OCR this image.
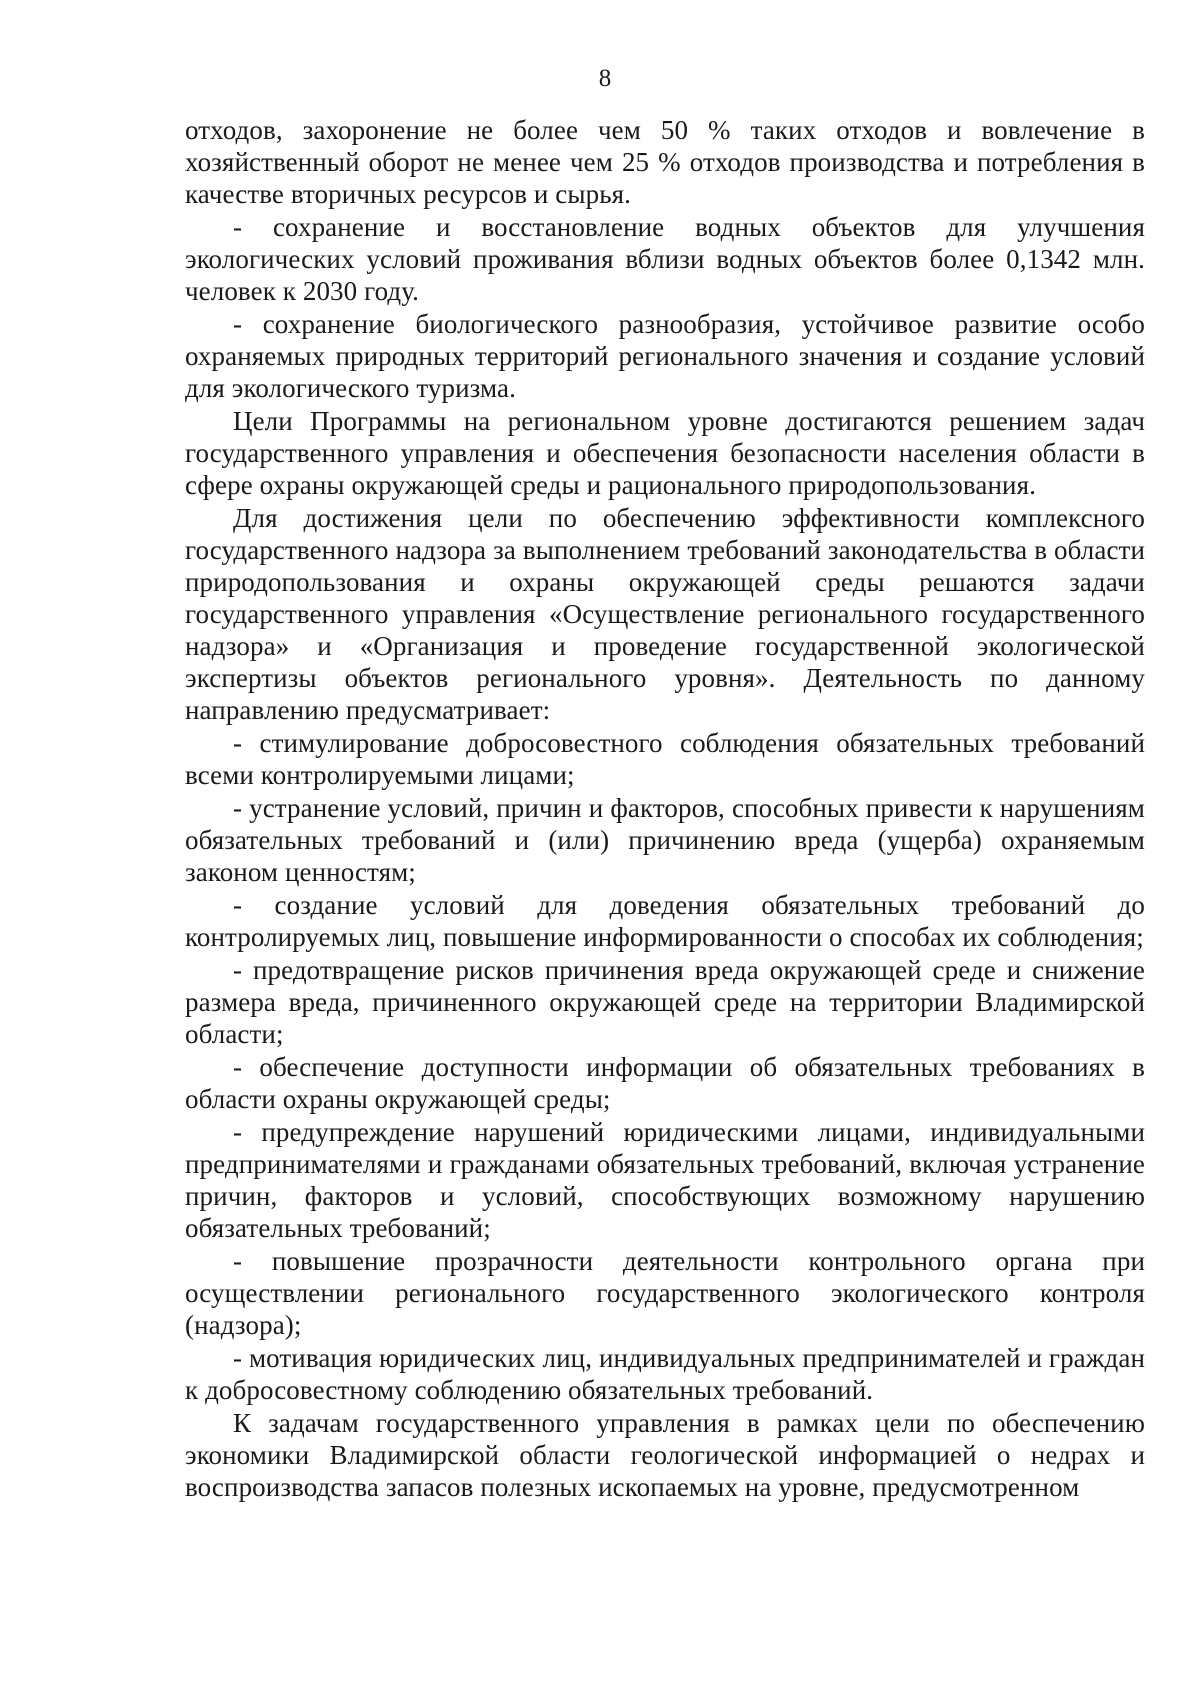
8

отходов, захоронение не более чем 50 % таких отходов и вовлечение в хозяйственный оборот не менее чем 25 % отходов производства и потребления в качестве вторичных ресурсов и сырья.

- сохранение и восстановление водных объектов для улучшения экологических условий проживания вблизи водных объектов более 0,1342 млн. человек к 2030 году.

- сохранение биологического разнообразия, устойчивое развитие особо охраняемых природных территорий регионального значения и создание условий для экологического туризма.

Цели Программы на региональном уровне достигаются решением задач государственного управления и обеспечения безопасности населения области в сфере охраны окружающей среды и рационального природопользования.

Для достижения цели по обеспечению эффективности комплексного государственного надзора за выполнением требований законодательства в области природопользования и охраны окружающей среды решаются задачи государственного управления «Осуществление регионального государственного надзора» и «Организация и проведение государственной экологической экспертизы объектов регионального уровня». Деятельность по данному направлению предусматривает:

- стимулирование добросовестного соблюдения обязательных требований всеми контролируемыми лицами;

- устранение условий, причин и факторов, способных привести к нарушениям обязательных требований и (или) причинению вреда (ущерба) охраняемым законом ценностям;

- создание условий для доведения обязательных требований до контролируемых лиц, повышение информированности о способах их соблюдения;

- предотвращение рисков причинения вреда окружающей среде и снижение размера вреда, причиненного окружающей среде на территории Владимирской области;

- обеспечение доступности информации об обязательных требованиях в области охраны окружающей среды;

- предупреждение нарушений юридическими лицами, индивидуальными предпринимателями и гражданами обязательных требований, включая устранение причин, факторов и условий, способствующих возможному нарушению обязательных требований;

- повышение прозрачности деятельности контрольного органа при осуществлении регионального государственного экологического контроля (надзора);

- мотивация юридических лиц, индивидуальных предпринимателей и граждан к добросовестному соблюдению обязательных требований.

К задачам государственного управления в рамках цели по обеспечению экономики Владимирской области геологической информацией о недрах и воспроизводства запасов полезных ископаемых на уровне, предусмотренном
